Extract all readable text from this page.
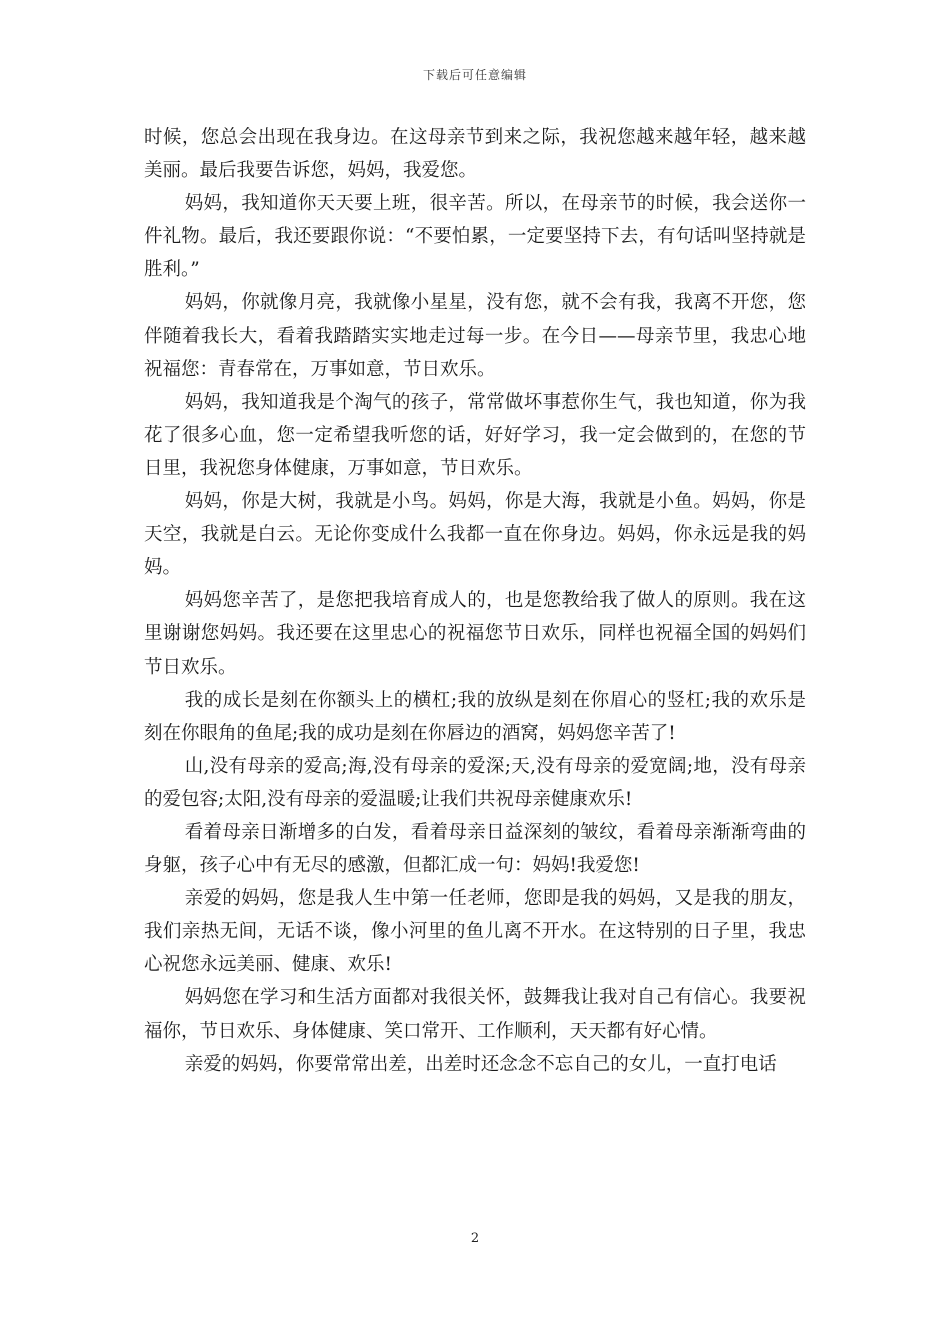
下载后可任意编辑

时候，您总会出现在我身边。在这母亲节到来之际，我祝您越来越年轻，越来越美丽。最后我要告诉您，妈妈，我爱您。

妈妈，我知道你天天要上班，很辛苦。所以，在母亲节的时候，我会送你一件礼物。最后，我还要跟你说：“不要怕累，一定要坚持下去，有句话叫坚持就是胜利。”

妈妈，你就像月亮，我就像小星星，没有您，就不会有我，我离不开您，您伴随着我长大，看着我踏踏实实地走过每一步。在今日——母亲节里，我忠心地祝福您：青春常在，万事如意，节日欢乐。

妈妈，我知道我是个淘气的孩子，常常做坏事惹你生气，我也知道，你为我花了很多心血，您一定希望我听您的话，好好学习，我一定会做到的，在您的节日里，我祝您身体健康，万事如意，节日欢乐。

妈妈，你是大树，我就是小鸟。妈妈，你是大海，我就是小鱼。妈妈，你是天空，我就是白云。无论你变成什么我都一直在你身边。妈妈，你永远是我的妈妈。

妈妈您辛苦了，是您把我培育成人的，也是您教给我了做人的原则。我在这里谢谢您妈妈。我还要在这里忠心的祝福您节日欢乐，同样也祝福全国的妈妈们节日欢乐。

我的成长是刻在你额头上的横杠;我的放纵是刻在你眉心的竖杠;我的欢乐是刻在你眼角的鱼尾;我的成功是刻在你唇边的酒窝，妈妈您辛苦了!

山,没有母亲的爱高;海,没有母亲的爱深;天,没有母亲的爱宽阔;地，没有母亲的爱包容;太阳,没有母亲的爱温暖;让我们共祝母亲健康欢乐!

看着母亲日渐增多的白发，看着母亲日益深刻的皱纹，看着母亲渐渐弯曲的身躯，孩子心中有无尽的感激，但都汇成一句：妈妈!我爱您!

亲爱的妈妈，您是我人生中第一任老师，您即是我的妈妈，又是我的朋友，我们亲热无间，无话不谈，像小河里的鱼儿离不开水。在这特别的日子里，我忠心祝您永远美丽、健康、欢乐!

妈妈您在学习和生活方面都对我很关怀，鼓舞我让我对自己有信心。我要祝福你，节日欢乐、身体健康、笑口常开、工作顺利，天天都有好心情。

亲爱的妈妈，你要常常出差，出差时还念念不忘自己的女儿，一直打电话

2
